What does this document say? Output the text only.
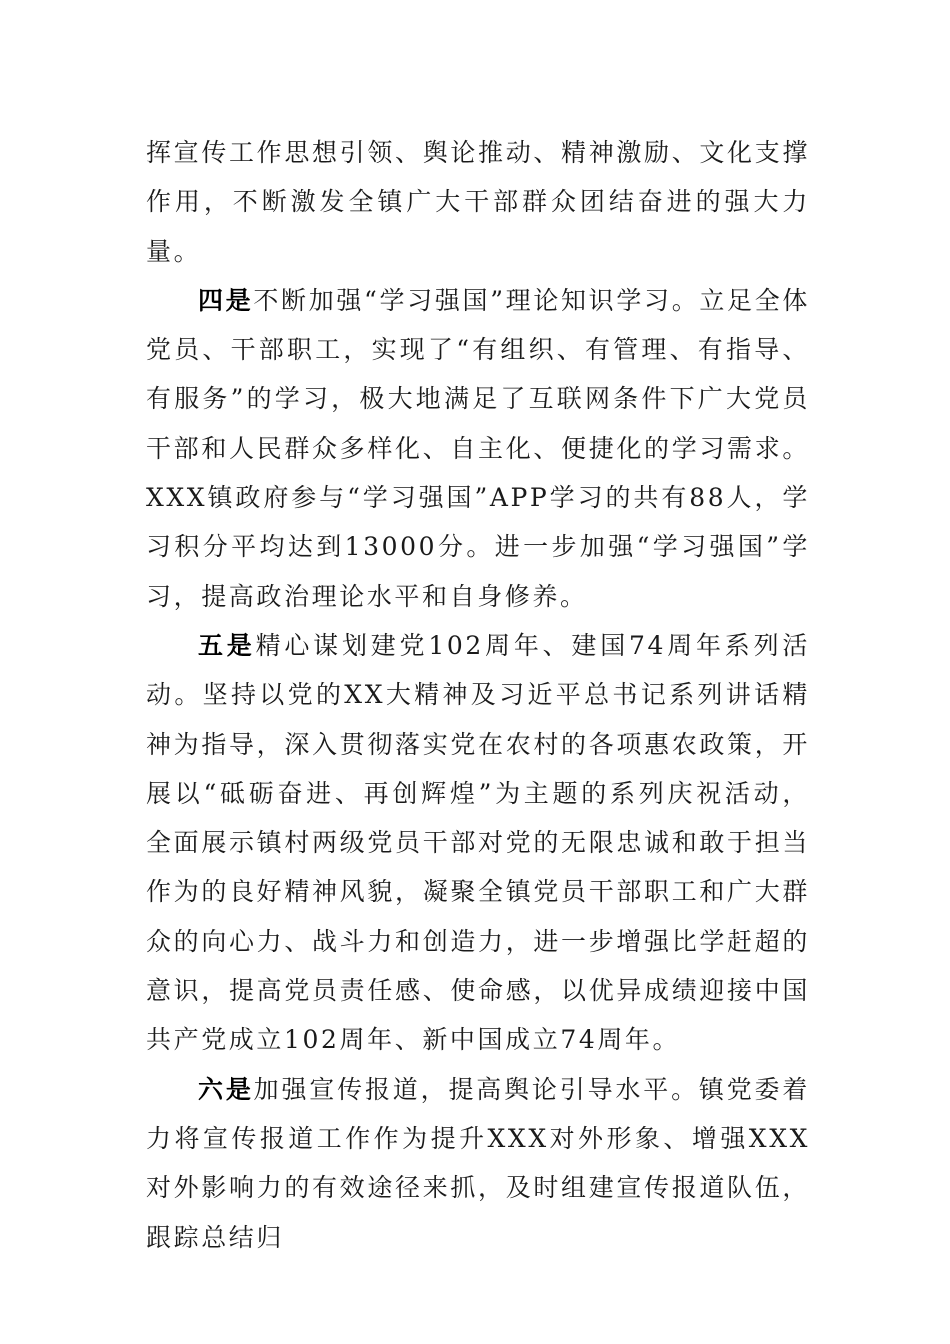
挥宣传工作思想引领、舆论推动、精神激励、文化支撑作用，不断激发全镇广大干部群众团结奋进的强大力量。

四是不断加强“学习强国”理论知识学习。立足全体党员、干部职工，实现了“有组织、有管理、有指导、有服务”的学习，极大地满足了互联网条件下广大党员干部和人民群众多样化、自主化、便捷化的学习需求。XXX镇政府参与“学习强国”APP学习的共有88人，学习积分平均达到13000分。进一步加强“学习强国”学习，提高政治理论水平和自身修养。

五是精心谋划建党102周年、建国74周年系列活动。坚持以党的XX大精神及习近平总书记系列讲话精神为指导，深入贯彻落实党在农村的各项惠农政策，开展以“砥砺奋进、再创辉煌”为主题的系列庆祝活动，全面展示镇村两级党员干部对党的无限忠诚和敢于担当作为的良好精神风貌，凝聚全镇党员干部职工和广大群众的向心力、战斗力和创造力，进一步增强比学赶超的意识，提高党员责任感、使命感，以优异成绩迎接中国共产党成立102周年、新中国成立74周年。

六是加强宣传报道，提高舆论引导水平。镇党委着力将宣传报道工作作为提升XXX对外形象、增强XXX对外影响力的有效途径来抓，及时组建宣传报道队伍，跟踪总结归
